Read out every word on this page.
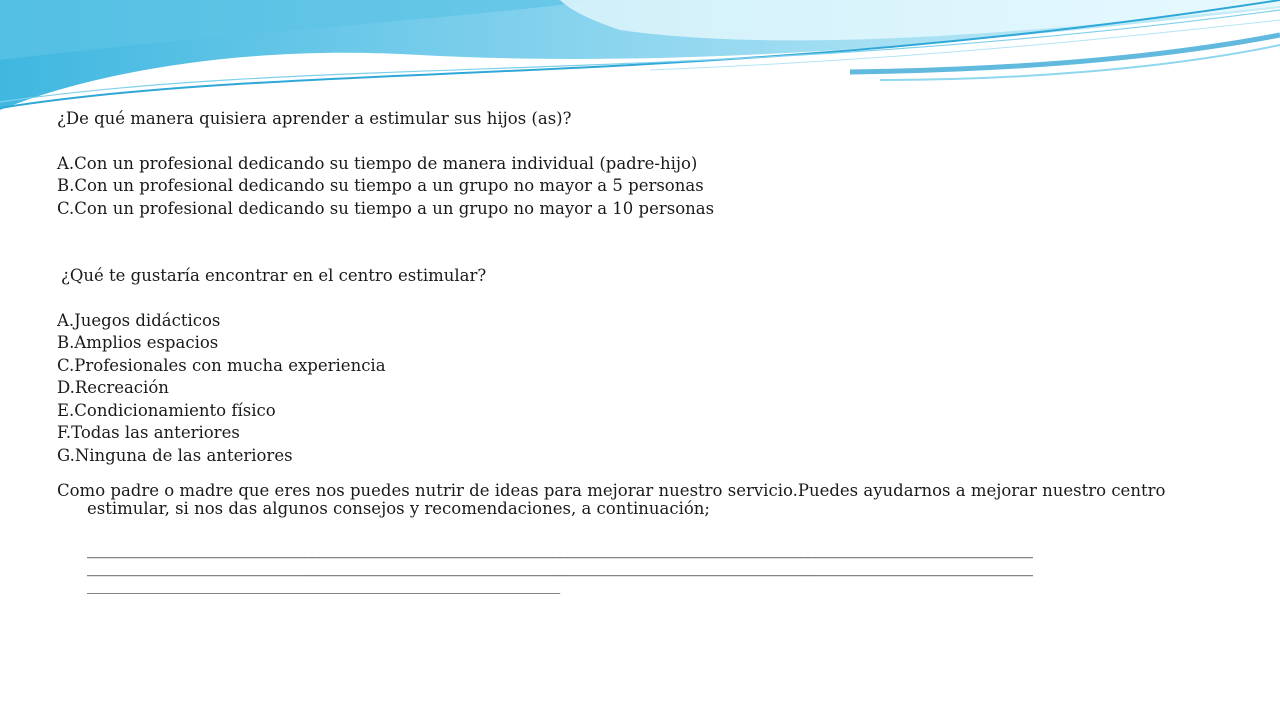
¿De qué manera quisiera aprender a estimular sus hijos (as)?
A.Con un profesional dedicando su tiempo de manera individual (padre-hijo)
B.Con un profesional dedicando su tiempo a un grupo no mayor a 5 personas
C.Con un profesional dedicando su tiempo a un grupo no mayor a 10 personas
¿Qué te gustaría encontrar en el centro estimular?
A.Juegos didácticos
B.Amplios espacios
C.Profesionales con mucha experiencia
D.Recreación
E.Condicionamiento físico
F.Todas las anteriores
G.Ninguna de las anteriores
Como padre o madre que eres nos puedes nutrir de ideas para mejorar nuestro servicio.Puedes ayudarnos a mejorar nuestro centro estimular, si nos das algunos consejos y recomendaciones, a continuación;
__________________________________________________________________________________________________________________________
__________________________________________________________________________________________________________________________
_____________________________________________________________
